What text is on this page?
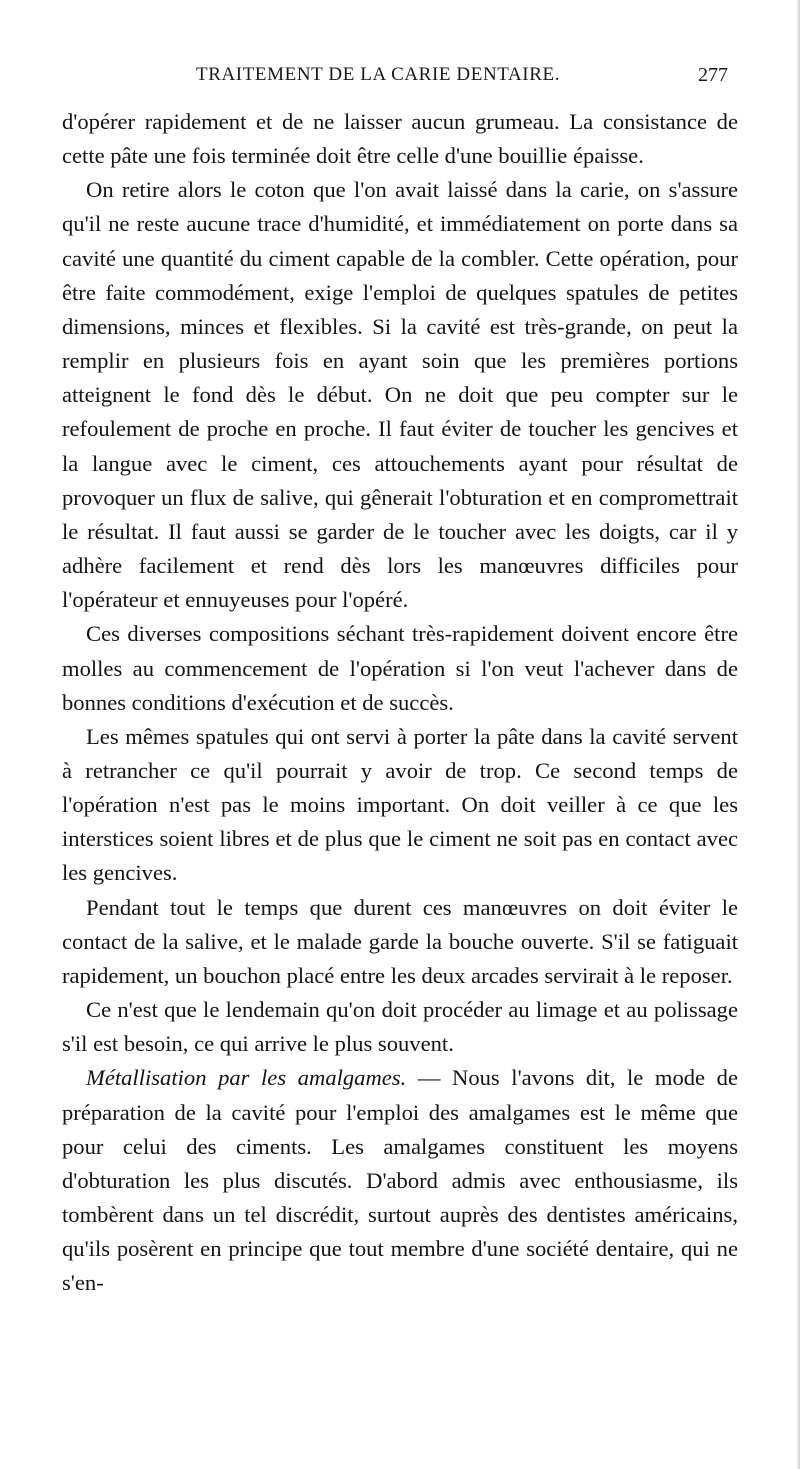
TRAITEMENT DE LA CARIE DENTAIRE.	277

d'opérer rapidement et de ne laisser aucun grumeau. La consistance de cette pâte une fois terminée doit être celle d'une bouillie épaisse.

On retire alors le coton que l'on avait laissé dans la carie, on s'assure qu'il ne reste aucune trace d'humidité, et immédiatement on porte dans sa cavité une quantité du ciment capable de la combler. Cette opération, pour être faite commodément, exige l'emploi de quelques spatules de petites dimensions, minces et flexibles. Si la cavité est très-grande, on peut la remplir en plusieurs fois en ayant soin que les premières portions atteignent le fond dès le début. On ne doit que peu compter sur le refoulement de proche en proche. Il faut éviter de toucher les gencives et la langue avec le ciment, ces attouchements ayant pour résultat de provoquer un flux de salive, qui gênerait l'obturation et en compromettrait le résultat. Il faut aussi se garder de le toucher avec les doigts, car il y adhère facilement et rend dès lors les manœuvres difficiles pour l'opérateur et ennuyeuses pour l'opéré.

Ces diverses compositions séchant très-rapidement doivent encore être molles au commencement de l'opération si l'on veut l'achever dans de bonnes conditions d'exécution et de succès.

Les mêmes spatules qui ont servi à porter la pâte dans la cavité servent à retrancher ce qu'il pourrait y avoir de trop. Ce second temps de l'opération n'est pas le moins important. On doit veiller à ce que les interstices soient libres et de plus que le ciment ne soit pas en contact avec les gencives.

Pendant tout le temps que durent ces manœuvres on doit éviter le contact de la salive, et le malade garde la bouche ouverte. S'il se fatiguait rapidement, un bouchon placé entre les deux arcades servirait à le reposer.

Ce n'est que le lendemain qu'on doit procéder au limage et au polissage s'il est besoin, ce qui arrive le plus souvent.

Métallisation par les amalgames. — Nous l'avons dit, le mode de préparation de la cavité pour l'emploi des amalgames est le même que pour celui des ciments. Les amalgames constituent les moyens d'obturation les plus discutés. D'abord admis avec enthousiasme, ils tombèrent dans un tel discrédit, surtout auprès des dentistes américains, qu'ils posèrent en principe que tout membre d'une société dentaire, qui ne s'en-
